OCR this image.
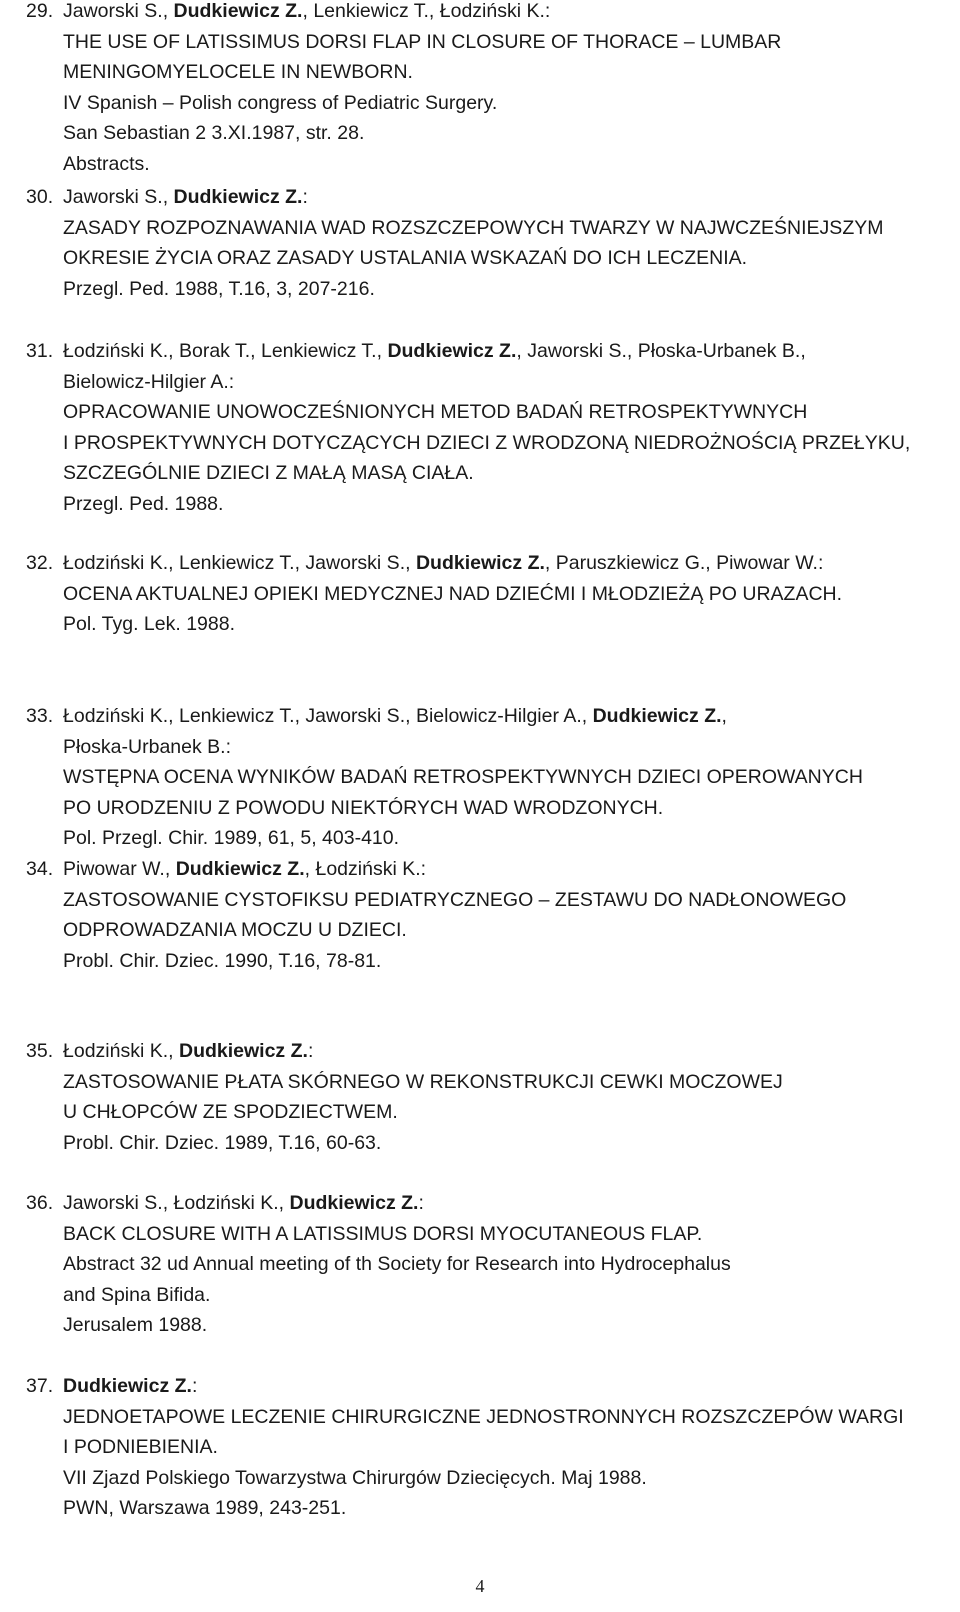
29. Jaworski S., Dudkiewicz Z., Lenkiewicz T., Łodziński K.:
THE USE OF LATISSIMUS DORSI FLAP IN CLOSURE OF THORACE – LUMBAR
MENINGOMYELOCELE IN NEWBORN.
IV Spanish – Polish congress of Pediatric Surgery.
San Sebastian 2 3.XI.1987, str. 28.
Abstracts.
30. Jaworski S., Dudkiewicz Z.:
ZASADY ROZPOZNAWANIA WAD ROZSZCZEPOWYCH TWARZY W NAJWCZEŚNIEJSZYM
OKRESIE ŻYCIA ORAZ ZASADY USTALANIA WSKAZAŃ DO ICH LECZENIA.
Przegl. Ped. 1988, T.16, 3, 207-216.
31. Łodziński K., Borak T., Lenkiewicz T., Dudkiewicz Z., Jaworski S., Płoska-Urbanek B.,
Bielowicz-Hilgier A.:
OPRACOWANIE UNOWOCZEŚNIONYCH METOD BADAŃ RETROSPEKTYWNYCH
I PROSPEKTYWNYCH DOTYCZĄCYCH DZIECI Z WRODZONĄ NIEDROŻNOŚCIĄ PRZEŁYKU,
SZCZEGÓLNIE DZIECI Z MAŁĄ MASĄ CIAŁA.
Przegl. Ped. 1988.
32. Łodziński K., Lenkiewicz T., Jaworski S., Dudkiewicz Z., Paruszkiewicz G., Piwowar W.:
OCENA AKTUALNEJ OPIEKI MEDYCZNEJ NAD DZIEĆMI I MŁODZIEŻĄ PO URAZACH.
Pol. Tyg. Lek. 1988.
33. Łodziński K., Lenkiewicz T., Jaworski S., Bielowicz-Hilgier A., Dudkiewicz Z.,
Płoska-Urbanek B.:
WSTĘPNA OCENA WYNIKÓW BADAŃ RETROSPEKTYWNYCH DZIECI OPEROWANYCH
PO URODZENIU Z POWODU NIEKTÓRYCH WAD WRODZONYCH.
Pol. Przegl. Chir. 1989, 61, 5, 403-410.
34. Piwowar W., Dudkiewicz Z., Łodziński K.:
ZASTOSOWANIE CYSTOFIKSU PEDIATRYCZNEGO – ZESTAWU DO NADŁONOWEGO
ODPROWADZANIA MOCZU U DZIECI.
Probl. Chir. Dziec. 1990, T.16, 78-81.
35. Łodziński K., Dudkiewicz Z.:
ZASTOSOWANIE PŁATA SKÓRNEGO W REKONSTRUKCJI CEWKI MOCZOWEJ
U CHŁOPCÓW ZE SPODZIECTWEM.
Probl. Chir. Dziec. 1989, T.16, 60-63.
36. Jaworski S., Łodziński K., Dudkiewicz Z.:
BACK CLOSURE WITH A LATISSIMUS DORSI MYOCUTANEOUS FLAP.
Abstract 32 ud Annual meeting of th Society for Research into Hydrocephalus
and Spina Bifida.
Jerusalem 1988.
37. Dudkiewicz Z.:
JEDNOETAPOWE LECZENIE CHIRURGICZNE JEDNOSTRONNYCH ROZSZCZEPÓW WARGI
I PODNIEBIENIA.
VII Zjazd Polskiego Towarzystwa Chirurgów Dziecięcych. Maj 1988.
PWN, Warszawa 1989, 243-251.
4
